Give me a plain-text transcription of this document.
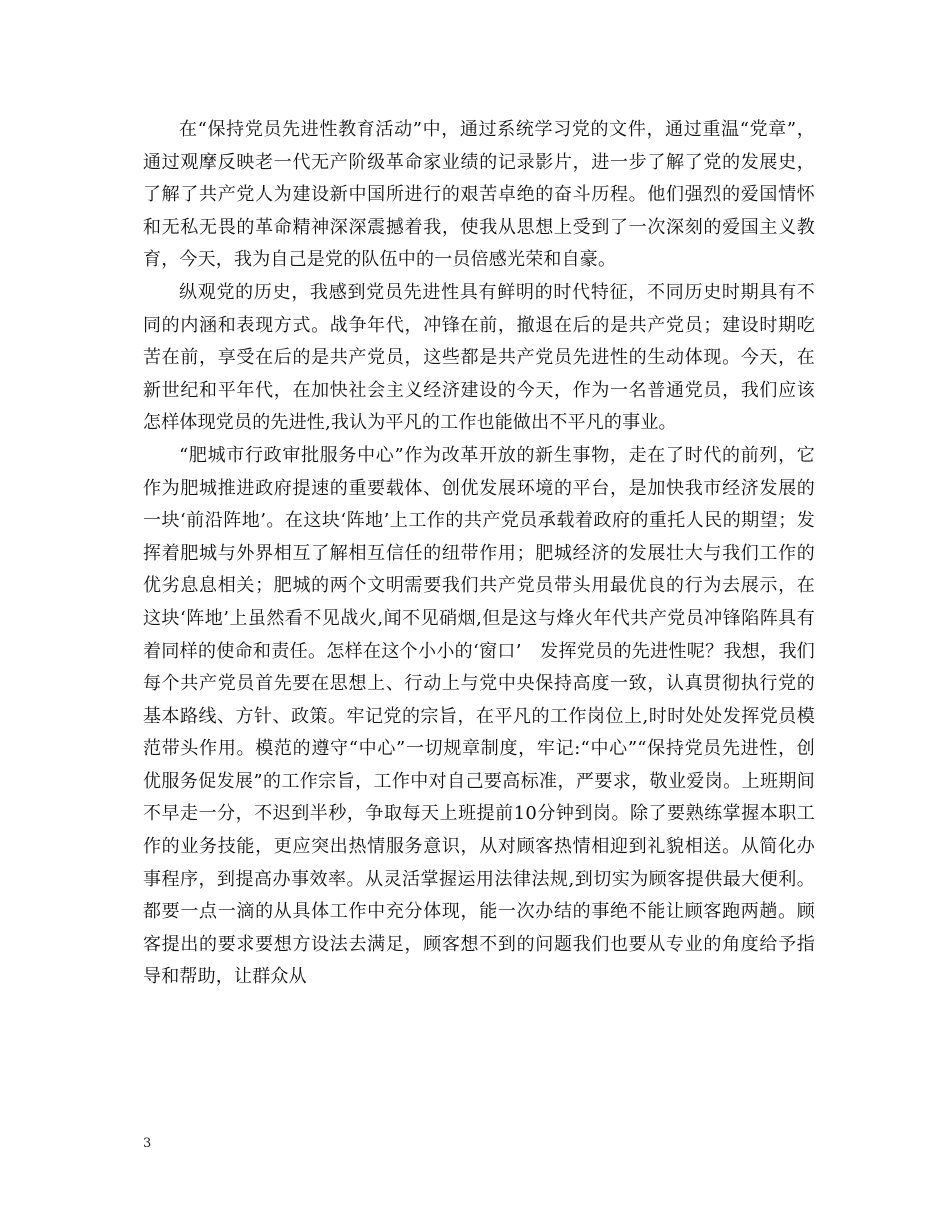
在“保持党员先进性教育活动”中，通过系统学习党的文件，通过重温“党章”，通过观摩反映老一代无产阶级革命家业绩的记录影片，进一步了解了党的发展史，了解了共产党人为建设新中国所进行的艰苦卓绝的奋斗历程。他们强烈的爱国情怀和无私无畏的革命精神深深震撼着我，使我从思想上受到了一次深刻的爱国主义教育，今天，我为自己是党的队伍中的一员倍感光荣和自豪。

纵观党的历史，我感到党员先进性具有鲜明的时代特征，不同历史时期具有不同的内涵和表现方式。战争年代，冲锋在前，撤退在后的是共产党员；建设时期吃苦在前，享受在后的是共产党员，这些都是共产党员先进性的生动体现。今天，在新世纪和平年代，在加快社会主义经济建设的今天，作为一名普通党员，我们应该怎样体现党员的先进性,我认为平凡的工作也能做出不平凡的事业。

“肥城市行政审批服务中心”作为改革开放的新生事物，走在了时代的前列，它作为肥城推进政府提速的重要载体、创优发展环境的平台，是加快我市经济发展的一块‘前沿阵地’。在这块‘阵地’上工作的共产党员承载着政府的重托人民的期望；发挥着肥城与外界相互了解相互信任的纽带作用；肥城经济的发展壮大与我们工作的优劣息息相关；肥城的两个文明需要我们共产党员带头用最优良的行为去展示，在这块‘阵地’上虽然看不见战火,闻不见硝烟,但是这与烽火年代共产党员冲锋陷阵具有着同样的使命和责任。怎样在这个小小的‘窗口’　发挥党员的先进性呢？我想，我们每个共产党员首先要在思想上、行动上与党中央保持高度一致，认真贯彻执行党的基本路线、方针、政策。牢记党的宗旨，在平凡的工作岗位上,时时处处发挥党员模范带头作用。模范的遵守“中心”一切规章制度，牢记:“中心”“保持党员先进性，创优服务促发展”的工作宗旨，工作中对自己要高标准，严要求，敬业爱岗。上班期间不早走一分，不迟到半秒，争取每天上班提前10分钟到岗。除了要熟练掌握本职工作的业务技能，更应突出热情服务意识，从对顾客热情相迎到礼貌相送。从简化办事程序，到提高办事效率。从灵活掌握运用法律法规,到切实为顾客提供最大便利。都要一点一滴的从具体工作中充分体现，能一次办结的事绝不能让顾客跑两趟。顾客提出的要求要想方设法去满足，顾客想不到的问题我们也要从专业的角度给予指导和帮助，让群众从

3
